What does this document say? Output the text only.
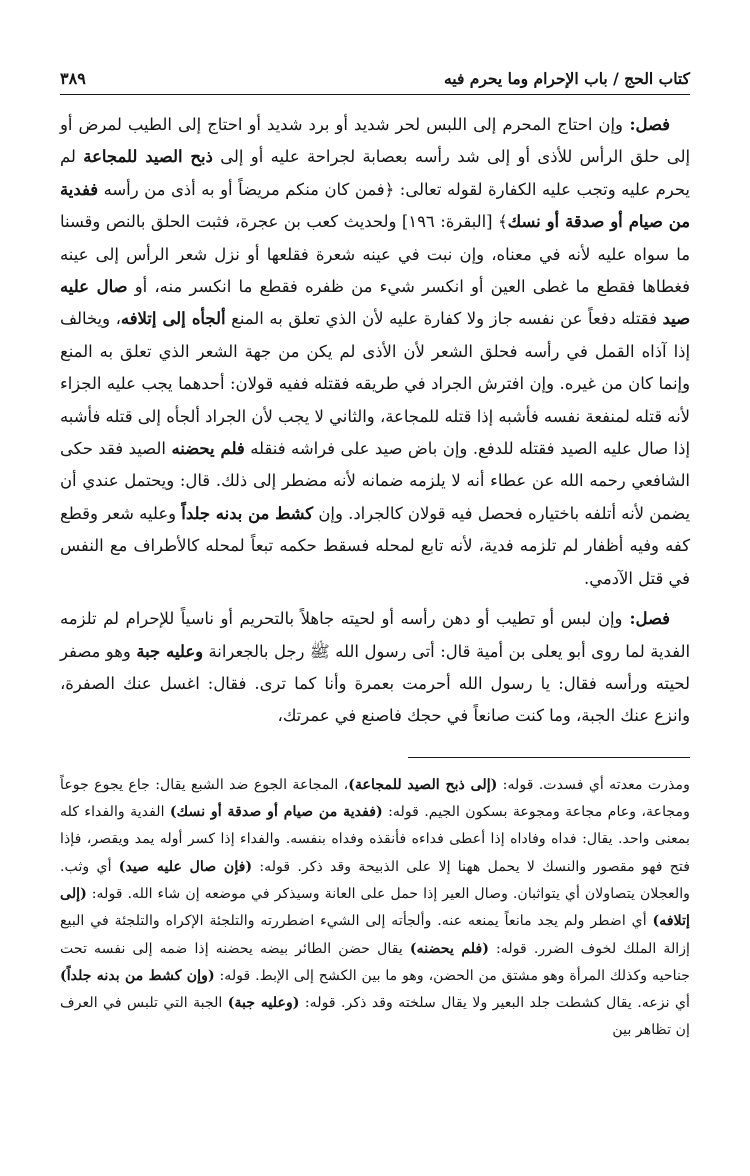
كتاب الحج / باب الإحرام وما يحرم فيه
٣٨٩

فصل: وإن احتاج المحرم إلى اللبس لحر شديد أو برد شديد أو احتاج إلى الطيب لمرض أو إلى حلق الرأس للأذى أو إلى شد رأسه بعصابة لجراحة عليه أو إلى ذبح الصيد للمجاعة لم يحرم عليه وتجب عليه الكفارة لقوله تعالى: ﴿فمن كان منكم مريضاً أو به أذى من رأسه ففدية من صيام أو صدقة أو نسك﴾ [البقرة: ١٩٦] ولحديث كعب بن عجرة، فثبت الحلق بالنص وقسنا ما سواه عليه لأنه في معناه، وإن نبت في عينه شعرة فقلعها أو نزل شعر الرأس إلى عينه فغطاها فقطع ما غطى العين أو انكسر شيء من ظفره فقطع ما انكسر منه، أو صال عليه صيد فقتله دفعاً عن نفسه جاز ولا كفارة عليه لأن الذي تعلق به المنع ألجأه إلى إتلافه، ويخالف إذا آذاه القمل في رأسه فحلق الشعر لأن الأذى لم يكن من جهة الشعر الذي تعلق به المنع وإنما كان من غيره. وإن افترش الجراد في طريقه فقتله ففيه قولان: أحدهما يجب عليه الجزاء لأنه قتله لمنفعة نفسه فأشبه إذا قتله للمجاعة، والثاني لا يجب لأن الجراد ألجأه إلى قتله فأشبه إذا صال عليه الصيد فقتله للدفع. وإن باض صيد على فراشه فنقله فلم يحضنه الصيد فقد حكى الشافعي رحمه الله عن عطاء أنه لا يلزمه ضمانه لأنه مضطر إلى ذلك. قال: ويحتمل عندي أن يضمن لأنه أتلفه باختياره فحصل فيه قولان كالجراد. وإن كشط من بدنه جلداً وعليه شعر وقطع كفه وفيه أظفار لم تلزمه فدية، لأنه تابع لمحله فسقط حكمه تبعاً لمحله كالأطراف مع النفس في قتل الآدمي.

فصل: وإن لبس أو تطيب أو دهن رأسه أو لحيته جاهلاً بالتحريم أو ناسياً للإحرام لم تلزمه الفدية لما روى أبو يعلى بن أمية قال: أتى رسول الله ﷺ رجل بالجعرانة وعليه جبة وهو مصفر لحيته ورأسه فقال: يا رسول الله أحرمت بعمرة وأنا كما ترى. فقال: اغسل عنك الصفرة، وانزع عنك الجبة، وما كنت صانعاً في حجك فاصنع في عمرتك،

ومذرت معدته أي فسدت. قوله: (إلى ذبح الصيد للمجاعة)، المجاعة الجوع ضد الشبع يقال: جاع يجوع جوعاً ومجاعة، وعام مجاعة ومجوعة بسكون الجيم. قوله: (ففدية من صيام أو صدقة أو نسك) الفدية والفداء كله بمعنى واحد. يقال: فداه وفاداه إذا أعطى فداءه فأنقذه وفداه بنفسه. والفداء إذا كسر أوله يمد ويقصر، فإذا فتح فهو مقصور والنسك لا يحمل ههنا إلا على الذبيحة وقد ذكر. قوله: (فإن صال عليه صيد) أي وثب. والعجلان يتصاولان أي يتواثبان. وصال العير إذا حمل على العانة وسيذكر في موضعه إن شاء الله. قوله: (إلى إتلافه) أي اضطر ولم يجد مانعاً يمنعه عنه. وألجأته إلى الشيء اضطررته والتلجئة الإكراه والتلجئة في البيع إزالة الملك لخوف الضرر. قوله: (فلم يحضنه) يقال حضن الطائر بيضه يحضنه إذا ضمه إلى نفسه تحت جناحيه وكذلك المرأة وهو مشتق من الحضن، وهو ما بين الكشح إلى الإبط. قوله: (وإن كشط من بدنه جلداً) أي نزعه. يقال كشطت جلد البعير ولا يقال سلخته وقد ذكر. قوله: (وعليه جبة) الجبة التي تلبس في العرف إن تظاهر بين
